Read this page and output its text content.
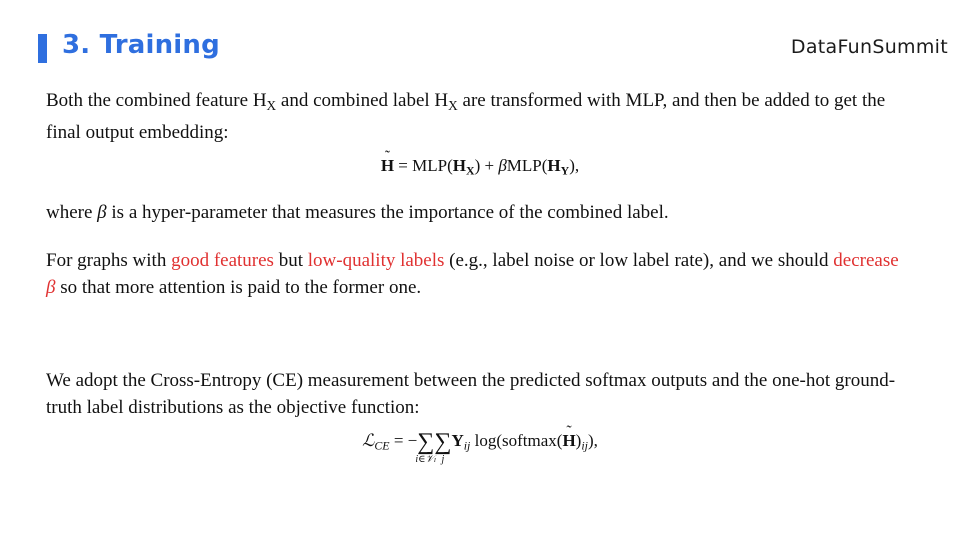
3. Training	DataFunSummit
Both the combined feature $H_X$ and combined label $H_X$ are transformed with MLP, and then be added to get the final output embedding:
˜ $H = MLP(H_X) + \beta MLP(H_Y)$,
where β is a hyper-parameter that measures the importance of the combined label.
For graphs with good features but low-quality labels (e.g., label noise or low label rate), and we should decrease β so that more attention is paid to the former one.
We adopt the Cross-Entropy (CE) measurement between the predicted softmax outputs and the one-hot ground-truth label distributions as the objective function:
ℒ$_{CE}$ = −∑
i∈𝒱ₗ
∑
j
$Y_{ij}$ log(softmax(˜ $H)_{ij}$),
